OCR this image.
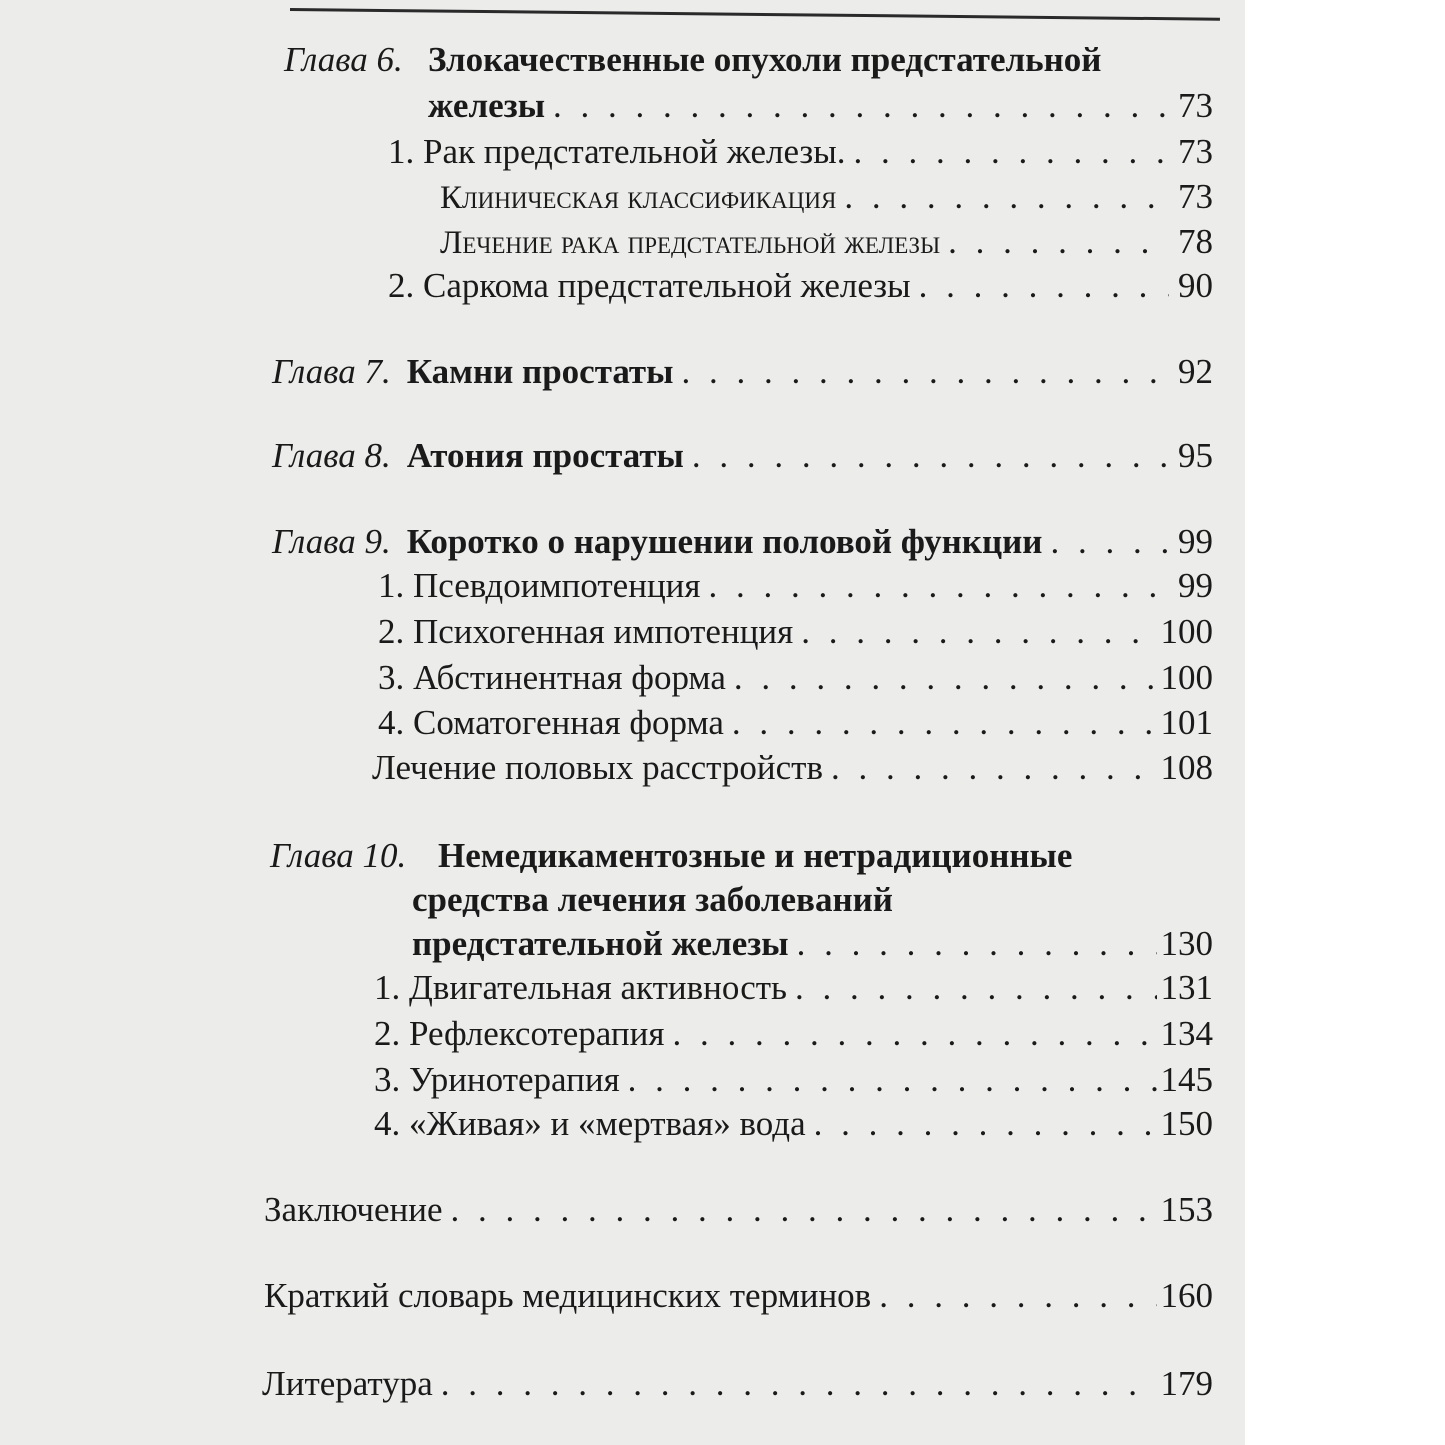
Глава 6. Злокачественные опухоли предстательной
железы . . .	73
1. Рак предстательной железы. . . .	73
Клиническая классификация . . .	73
Лечение рака предстательной железы . . .	78
2. Саркома предстательной железы . . .	90
Глава 7. Камни простаты . . .	92
Глава 8. Атония простаты . . .	95
Глава 9. Коротко о нарушении половой функции . . .	99
1. Псевдоимпотенция . . .	99
2. Психогенная импотенция . . .	100
3. Абстинентная форма . . .	100
4. Соматогенная форма . . .	101
Лечение половых расстройств . . .	108
Глава 10. Немедикаментозные и нетрадиционные
средства лечения заболеваний
предстательной железы . . .	130
1. Двигательная активность . . .	131
2. Рефлексотерапия . . .	134
3. Уринотерапия . . .	145
4. «Живая» и «мертвая» вода . . .	150
Заключение . . .	153
Краткий словарь медицинских терминов . . .	160
Литература . . .	179
